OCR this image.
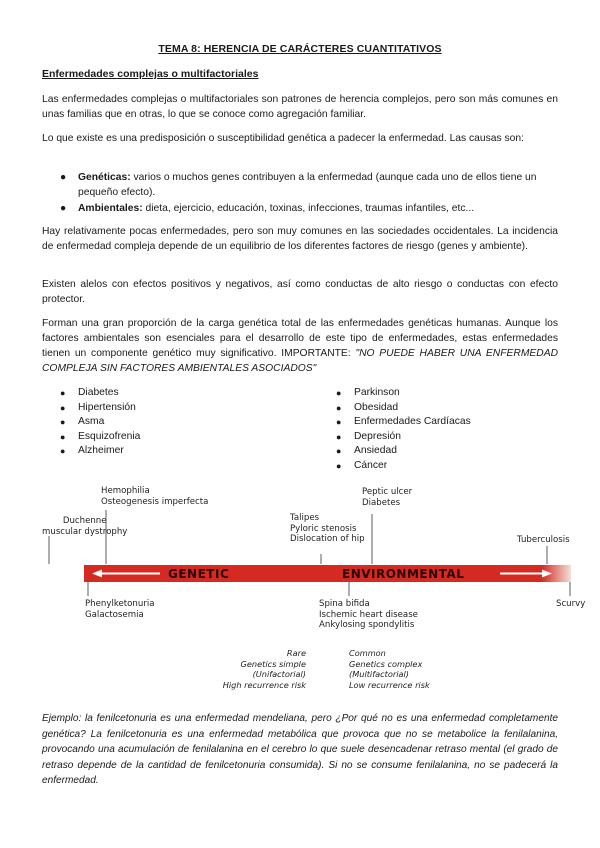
TEMA 8: HERENCIA DE CARÁCTERES CUANTITATIVOS
Enfermedades complejas o multifactoriales

Las enfermedades complejas o multifactoriales son patrones de herencia complejos, pero son más comunes en unas familias que en otras, lo que se conoce como agregación familiar.

Lo que existe es una predisposición o susceptibilidad genética a padecer la enfermedad. Las causas son:

● Genéticas: varios o muchos genes contribuyen a la enfermedad (aunque cada uno de ellos tiene un pequeño efecto).
● Ambientales: dieta, ejercicio, educación, toxinas, infecciones, traumas infantiles, etc...

Hay relativamente pocas enfermedades, pero son muy comunes en las sociedades occidentales. La incidencia de enfermedad compleja depende de un equilibrio de los diferentes factores de riesgo (genes y ambiente).

Existen alelos con efectos positivos y negativos, así como conductas de alto riesgo o conductas con efecto protector.

Forman una gran proporción de la carga genética total de las enfermedades genéticas humanas. Aunque los factores ambientales son esenciales para el desarrollo de este tipo de enfermedades, estas enfermedades tienen un componente genético muy significativo. IMPORTANTE: "NO PUEDE HABER UNA ENFERMEDAD COMPLEJA SIN FACTORES AMBIENTALES ASOCIADOS"

● Diabetes
● Hipertensión
● Asma
● Esquizofrenia
● Alzheimer
● Parkinson
● Obesidad
● Enfermedades Cardíacas
● Depresión
● Ansiedad
● Cáncer
GENETIC	ENVIRONMENTAL
Duchenne
muscular dystrophy
Hemophilia
Osteogenesis imperfecta
Talipes
Pyloric stenosis
Dislocation of hip
Peptic ulcer
Diabetes
Tuberculosis
Phenylketonuria
Galactosemia
Spina bifida
Ischemic heart disease
Ankylosing spondylitis
Scurvy
Rare
Genetics simple
(Unifactorial)
High recurrence risk
Common
Genetics complex
(Multifactorial)
Low recurrence risk

Ejemplo: la fenilcetonuria es una enfermedad mendeliana, pero ¿Por qué no es una enfermedad completamente genética? La fenilcetonuria es una enfermedad metabólica que provoca que no se metabolice la fenilalanina, provocando una acumulación de fenilalanina en el cerebro lo que suele desencadenar retraso mental (el grado de retraso depende de la cantidad de fenilcetonuria consumida). Si no se consume fenilalanina, no se padecerá la enfermedad.
